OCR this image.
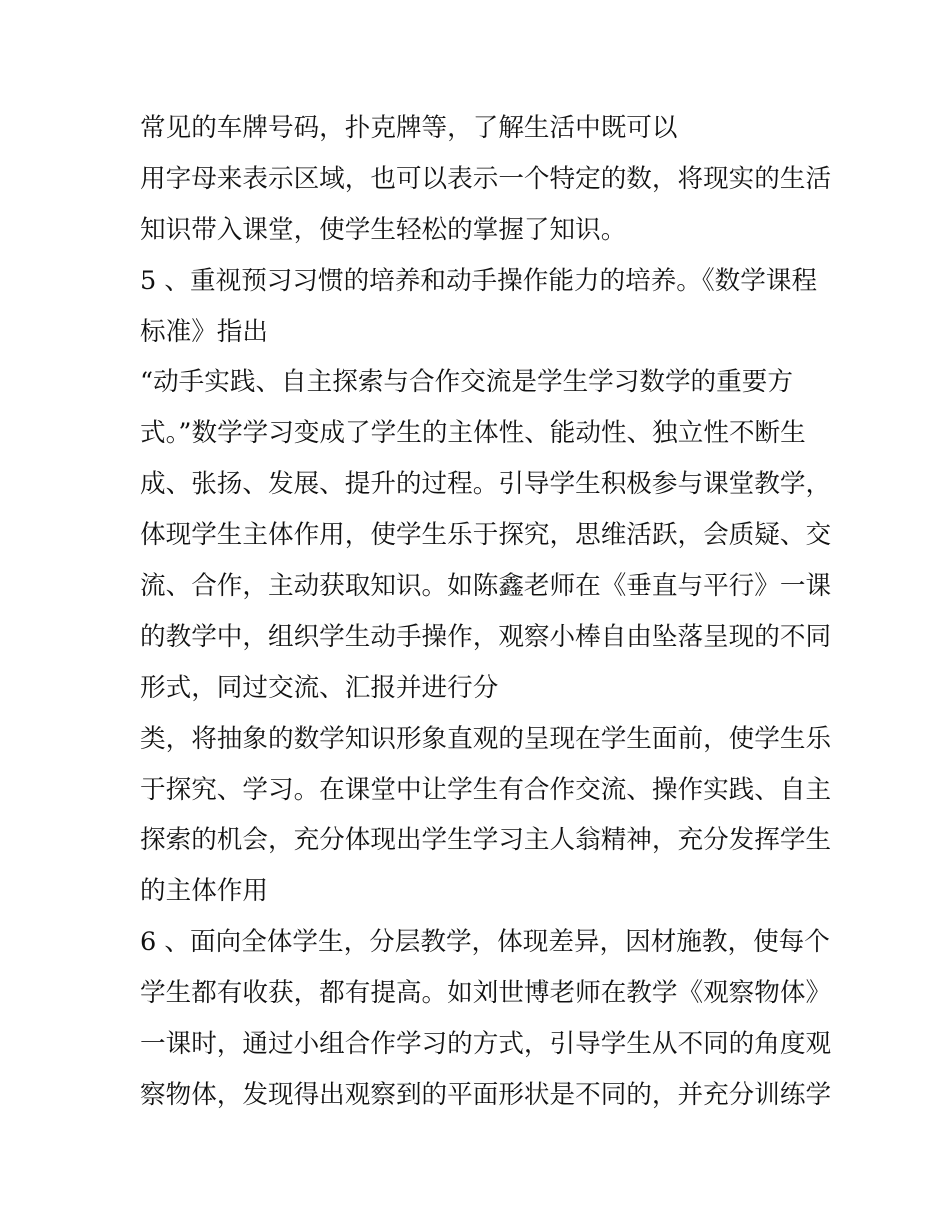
常见的车牌号码，扑克牌等，了解生活中既可以
用字母来表示区域，也可以表示一个特定的数，将现实的生活
知识带入课堂，使学生轻松的掌握了知识。
5 、重视预习习惯的培养和动手操作能力的培养。《数学课程
标准》指出
“动手实践、自主探索与合作交流是学生学习数学的重要方
式。”数学学习变成了学生的主体性、能动性、独立性不断生
成、张扬、发展、提升的过程。引导学生积极参与课堂教学，
体现学生主体作用，使学生乐于探究，思维活跃，会质疑、交
流、合作，主动获取知识。如陈鑫老师在《垂直与平行》一课
的教学中，组织学生动手操作，观察小棒自由坠落呈现的不同
形式，同过交流、汇报并进行分
类，将抽象的数学知识形象直观的呈现在学生面前，使学生乐
于探究、学习。在课堂中让学生有合作交流、操作实践、自主
探索的机会，充分体现出学生学习主人翁精神，充分发挥学生
的主体作用
6 、面向全体学生，分层教学，体现差异，因材施教，使每个
学生都有收获，都有提高。如刘世博老师在教学《观察物体》
一课时，通过小组合作学习的方式，引导学生从不同的角度观
察物体，发现得出观察到的平面形状是不同的，并充分训练学
